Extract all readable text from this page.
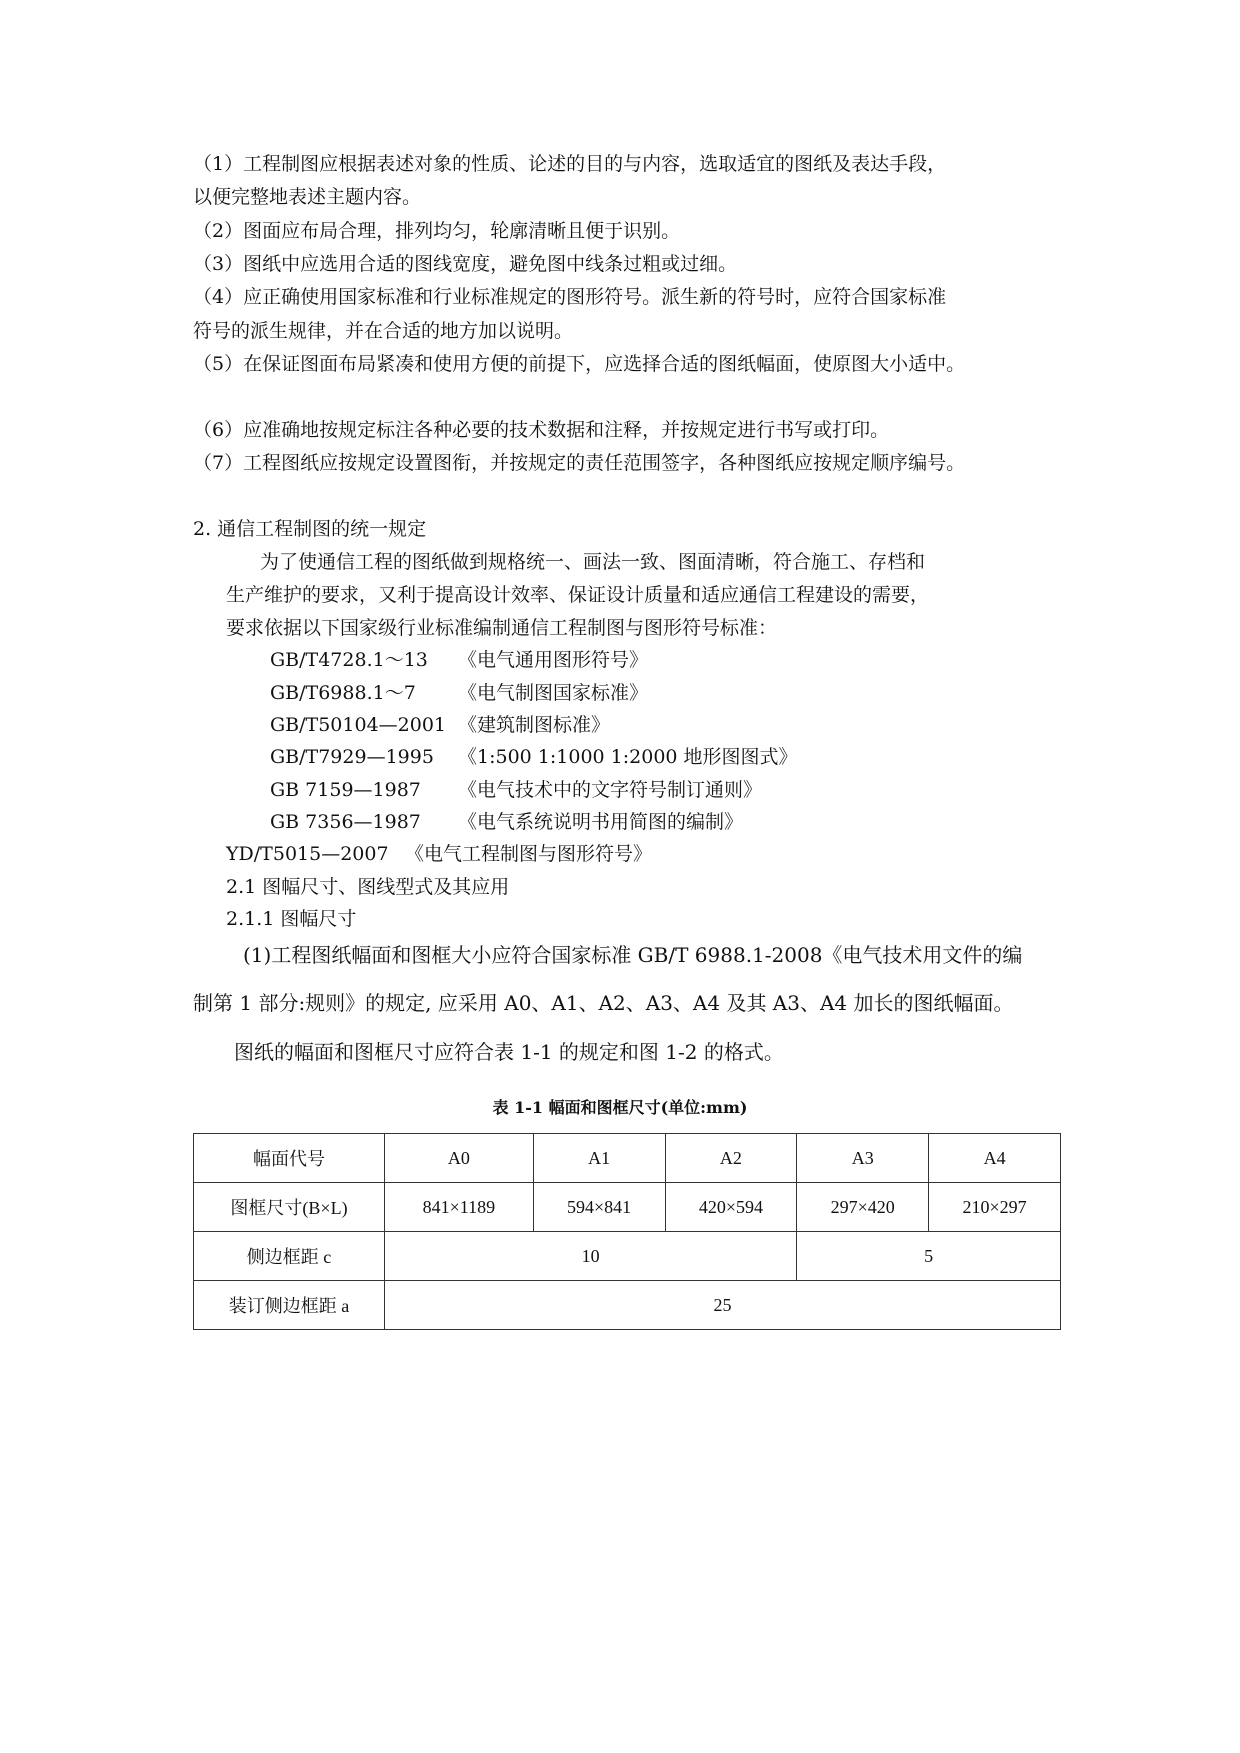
（1）工程制图应根据表述对象的性质、论述的目的与内容，选取适宜的图纸及表达手段，
以便完整地表述主题内容。
（2）图面应布局合理，排列均匀，轮廓清晰且便于识别。
（3）图纸中应选用合适的图线宽度，避免图中线条过粗或过细。
（4）应正确使用国家标准和行业标准规定的图形符号。派生新的符号时，应符合国家标准
符号的派生规律，并在合适的地方加以说明。
（5）在保证图面布局紧凑和使用方便的前提下，应选择合适的图纸幅面，使原图大小适中。
（6）应准确地按规定标注各种必要的技术数据和注释，并按规定进行书写或打印。
（7）工程图纸应按规定设置图衔，并按规定的责任范围签字，各种图纸应按规定顺序编号。
2. 通信工程制图的统一规定
为了使通信工程的图纸做到规格统一、画法一致、图面清晰，符合施工、存档和
生产维护的要求，又利于提高设计效率、保证设计质量和适应通信工程建设的需要，
要求依据以下国家级行业标准编制通信工程制图与图形符号标准：
GB/T4728.1～13 《电气通用图形符号》
GB/T6988.1～7 《电气制图国家标准》
GB/T50104—2001 《建筑制图标准》
GB/T7929—1995 《1:500 1:1000 1:2000 地形图图式》
GB 7159—1987 《电气技术中的文字符号制订通则》
GB 7356—1987 《电气系统说明书用简图的编制》
YD/T5015—2007 《电气工程制图与图形符号》
2.1 图幅尺寸、图线型式及其应用
2.1.1 图幅尺寸
(1)工程图纸幅面和图框大小应符合国家标准 GB/T 6988.1-2008《电气技术用文件的编
制第 1 部分:规则》的规定, 应采用 A0、A1、A2、A3、A4 及其 A3、A4 加长的图纸幅面。
图纸的幅面和图框尺寸应符合表 1-1 的规定和图 1-2 的格式。
表 1-1 幅面和图框尺寸(单位:mm)
幅面代号	A0	A1	A2	A3	A4
图框尺寸(B×L)	841×1189	594×841	420×594	297×420	210×297
侧边框距 c	10			5	
装订侧边框距 a	25				
